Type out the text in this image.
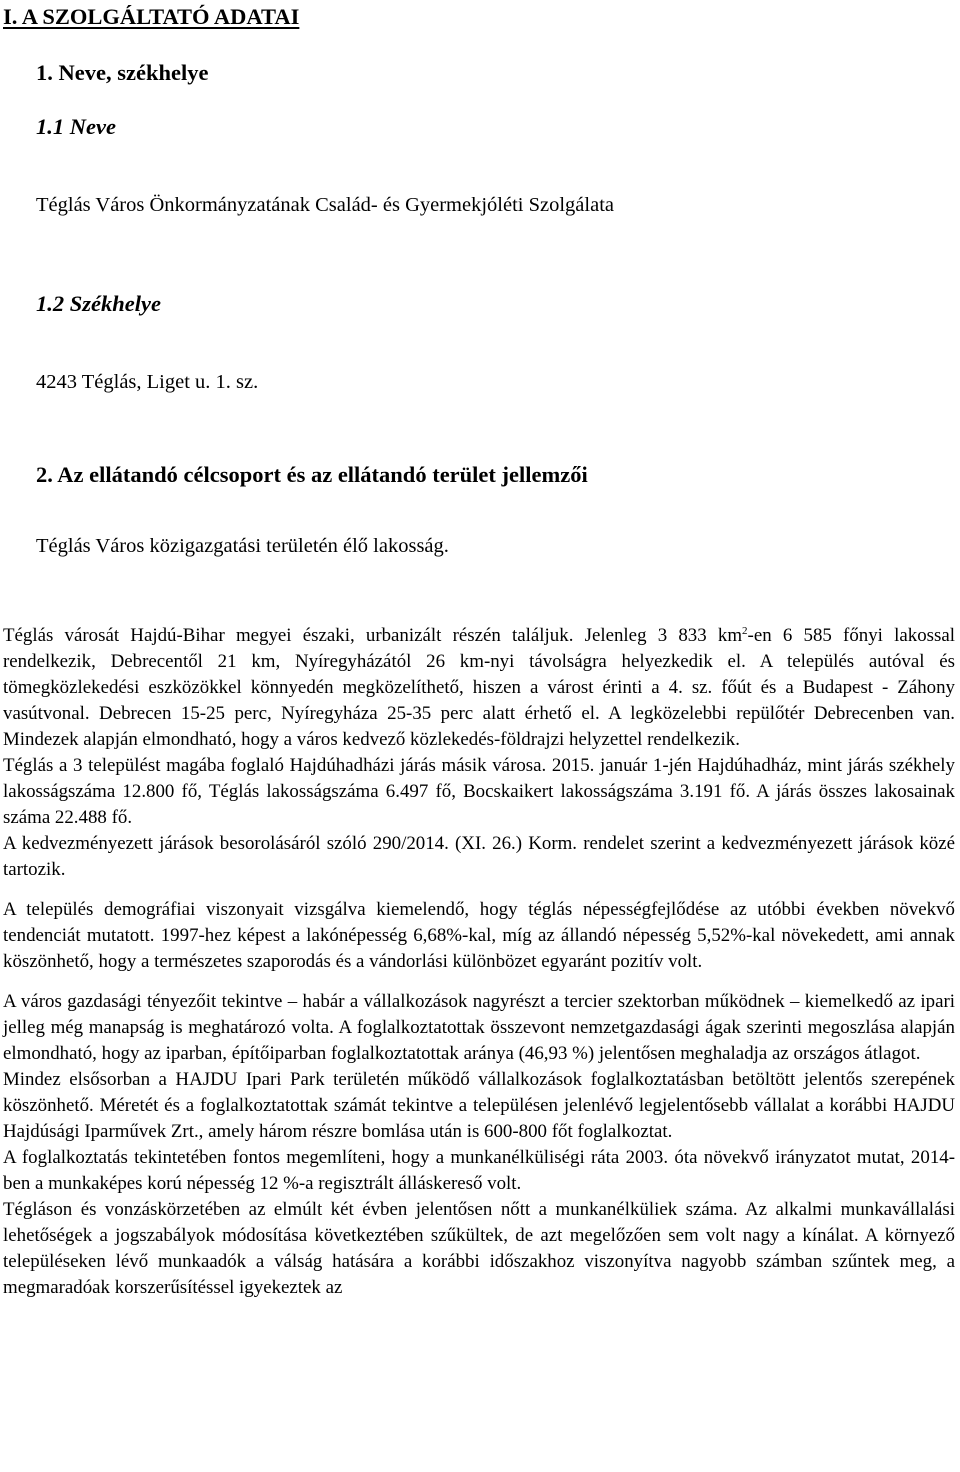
I. A SZOLGÁLTATÓ ADATAI
1. Neve, székhelye
1.1 Neve
Téglás Város Önkormányzatának Család- és Gyermekjóléti Szolgálata
1.2 Székhelye
4243 Téglás, Liget u. 1. sz.
2. Az ellátandó célcsoport és az ellátandó terület jellemzői
Téglás Város közigazgatási területén élő lakosság.

Téglás városát Hajdú-Bihar megyei északi, urbanizált részén találjuk. Jelenleg 3 833 $km^2-en$ 6 585 főnyi lakossal rendelkezik, Debrecentől 21 km, Nyíregyházától 26 km-nyi távolságra helyezkedik el. A település autóval és tömegközlekedési eszközökkel könnyedén megközelíthető, hiszen a várost érinti a 4. sz. főút és a Budapest - Záhony vasútvonal. Debrecen 15-25 perc, Nyíregyháza 25-35 perc alatt érhető el. A legközelebbi repülőtér Debrecenben van. Mindezek alapján elmondható, hogy a város kedvező közlekedés-földrajzi helyzettel rendelkezik.

Téglás a 3 települést magába foglaló Hajdúhadházi járás másik városa. 2015. január 1-jén Hajdúhadház, mint járás székhely lakosságszáma 12.800 fő, Téglás lakosságszáma 6.497 fő, Bocskaikert lakosságszáma 3.191 fő. A járás összes lakosainak száma 22.488 fő.

A kedvezményezett járások besorolásáról szóló 290/2014. (XI. 26.) Korm. rendelet szerint a kedvezményezett járások közé tartozik.

A település demográfiai viszonyait vizsgálva kiemelendő, hogy téglás népességfejlődése az utóbbi években növekvő tendenciát mutatott. 1997-hez képest a lakónépesség 6,68%-kal, míg az állandó népesség 5,52%-kal növekedett, ami annak köszönhető, hogy a természetes szaporodás és a vándorlási különbözet egyaránt pozitív volt.

A város gazdasági tényezőit tekintve – habár a vállalkozások nagyrészt a tercier szektorban működnek – kiemelkedő az ipari jelleg még manapság is meghatározó volta. A foglalkoztatottak összevont nemzetgazdasági ágak szerinti megoszlása alapján elmondható, hogy az iparban, építőiparban foglalkoztatottak aránya (46,93 %) jelentősen meghaladja az országos átlagot.

Mindez elsősorban a HAJDU Ipari Park területén működő vállalkozások foglalkoztatásban betöltött jelentős szerepének köszönhető. Méretét és a foglalkoztatottak számát tekintve a településen jelenlévő legjelentősebb vállalat a korábbi HAJDU Hajdúsági Iparművek Zrt., amely három részre bomlása után is 600-800 főt foglalkoztat.

A foglalkoztatás tekintetében fontos megemlíteni, hogy a munkanélküliségi ráta 2003. óta növekvő irányzatot mutat, 2014-ben a munkaképes korú népesség 12 %-a regisztrált álláskereső volt.

Tégláson és vonzáskörzetében az elmúlt két évben jelentősen nőtt a munkanélküliek száma. Az alkalmi munkavállalási lehetőségek a jogszabályok módosítása következtében szűkültek, de azt megelőzően sem volt nagy a kínálat. A környező településeken lévő munkaadók a válság hatására a korábbi időszakhoz viszonyítva nagyobb számban szűntek meg, a megmaradóak korszerűsítéssel igyekeztek az
